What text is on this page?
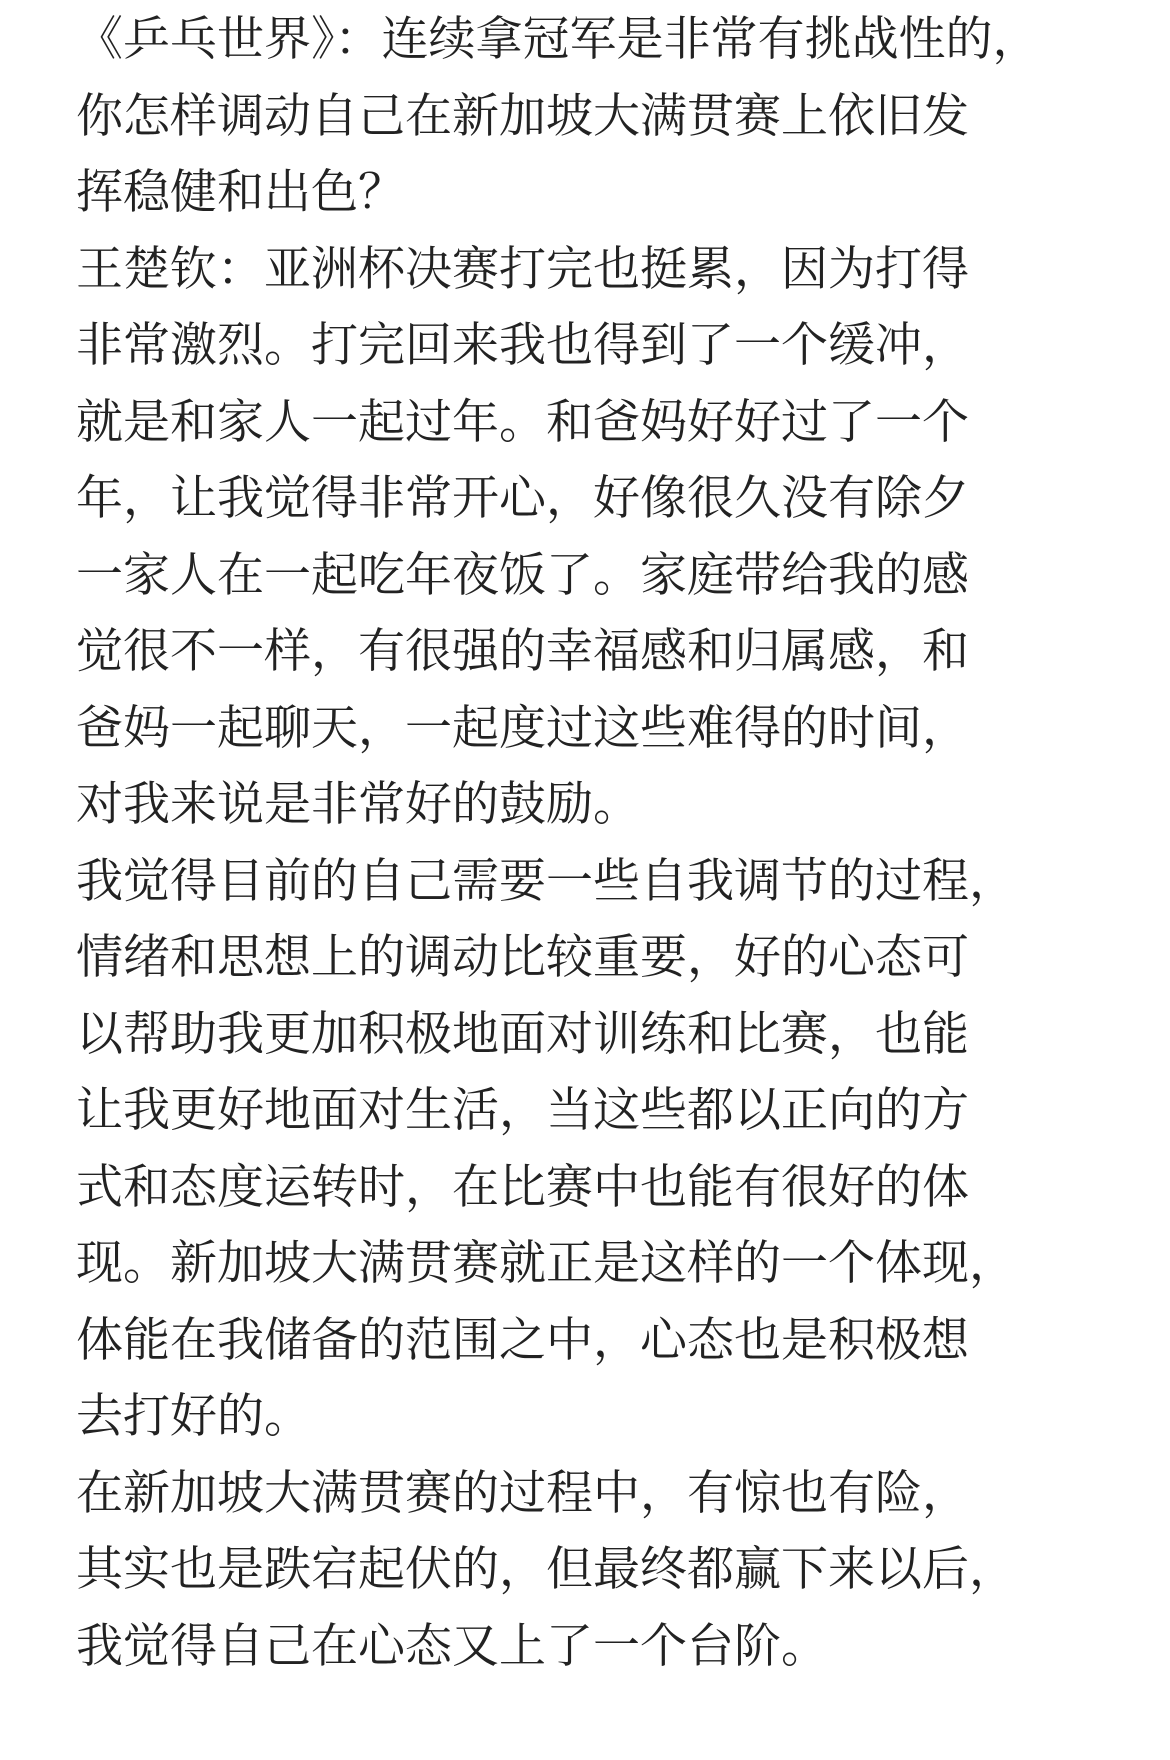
《乒乓世界》：连续拿冠军是非常有挑战性的，
你怎样调动自己在新加坡大满贯赛上依旧发
挥稳健和出色？
王楚钦：亚洲杯决赛打完也挺累，因为打得
非常激烈。打完回来我也得到了一个缓冲，
就是和家人一起过年。和爸妈好好过了一个
年，让我觉得非常开心，好像很久没有除夕
一家人在一起吃年夜饭了。家庭带给我的感
觉很不一样，有很强的幸福感和归属感，和
爸妈一起聊天，一起度过这些难得的时间，
对我来说是非常好的鼓励。
我觉得目前的自己需要一些自我调节的过程，
情绪和思想上的调动比较重要，好的心态可
以帮助我更加积极地面对训练和比赛，也能
让我更好地面对生活，当这些都以正向的方
式和态度运转时，在比赛中也能有很好的体
现。新加坡大满贯赛就正是这样的一个体现，
体能在我储备的范围之中，心态也是积极想
去打好的。
在新加坡大满贯赛的过程中，有惊也有险，
其实也是跌宕起伏的，但最终都赢下来以后，
我觉得自己在心态又上了一个台阶。
